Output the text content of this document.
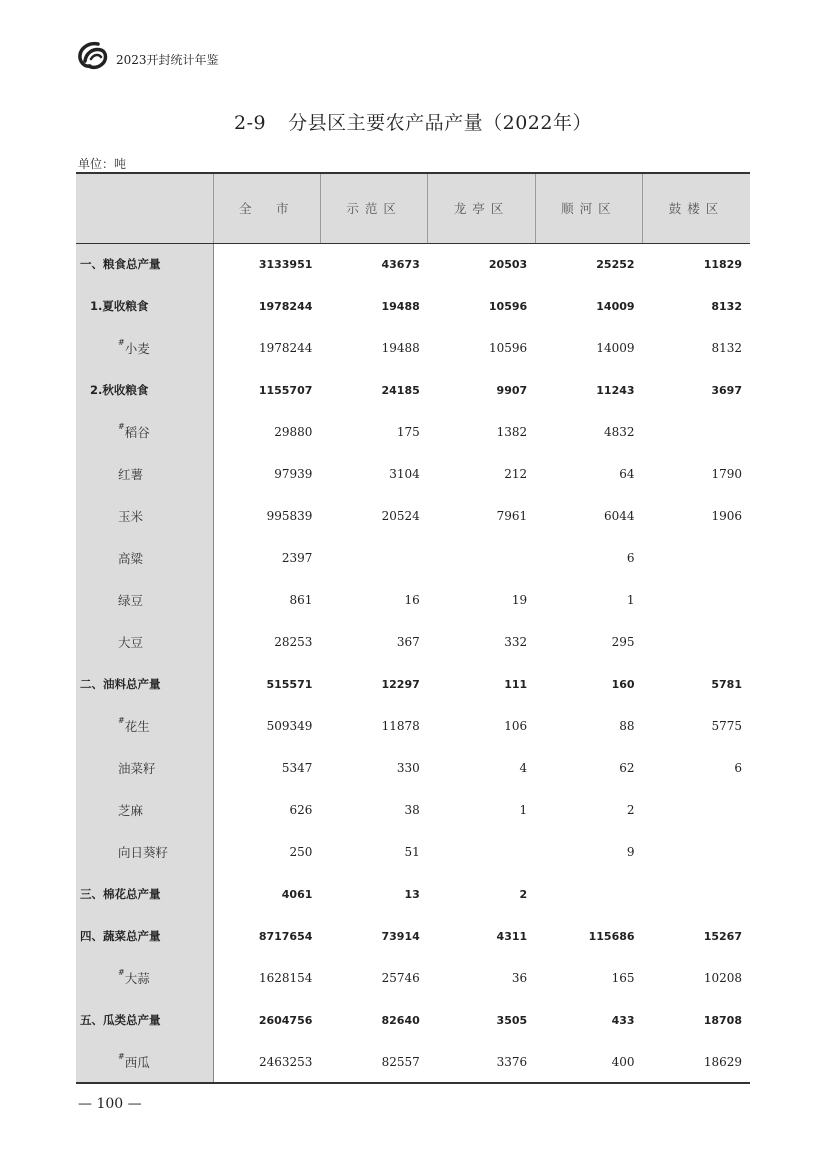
2023开封统计年鉴
2-9 分县区主要农产品产量（2022年）
单位：吨
	全　市	示范区	龙亭区	顺河区	鼓楼区
一、粮食总产量	3133951	43673	20503	25252	11829
1.夏收粮食	1978244	19488	10596	14009	8132
#小麦	1978244	19488	10596	14009	8132
2.秋收粮食	1155707	24185	9907	11243	3697
#稻谷	29880	175	1382	4832	
红薯	97939	3104	212	64	1790
玉米	995839	20524	7961	6044	1906
高粱	2397			6	
绿豆	861	16	19	1	
大豆	28253	367	332	295	
二、油料总产量	515571	12297	111	160	5781
#花生	509349	11878	106	88	5775
油菜籽	5347	330	4	62	6
芝麻	626	38	1	2	
向日葵籽	250	51		9	
三、棉花总产量	4061	13	2		
四、蔬菜总产量	8717654	73914	4311	115686	15267
#大蒜	1628154	25746	36	165	10208
五、瓜类总产量	2604756	82640	3505	433	18708
#西瓜	2463253	82557	3376	400	18629
— 100 —
